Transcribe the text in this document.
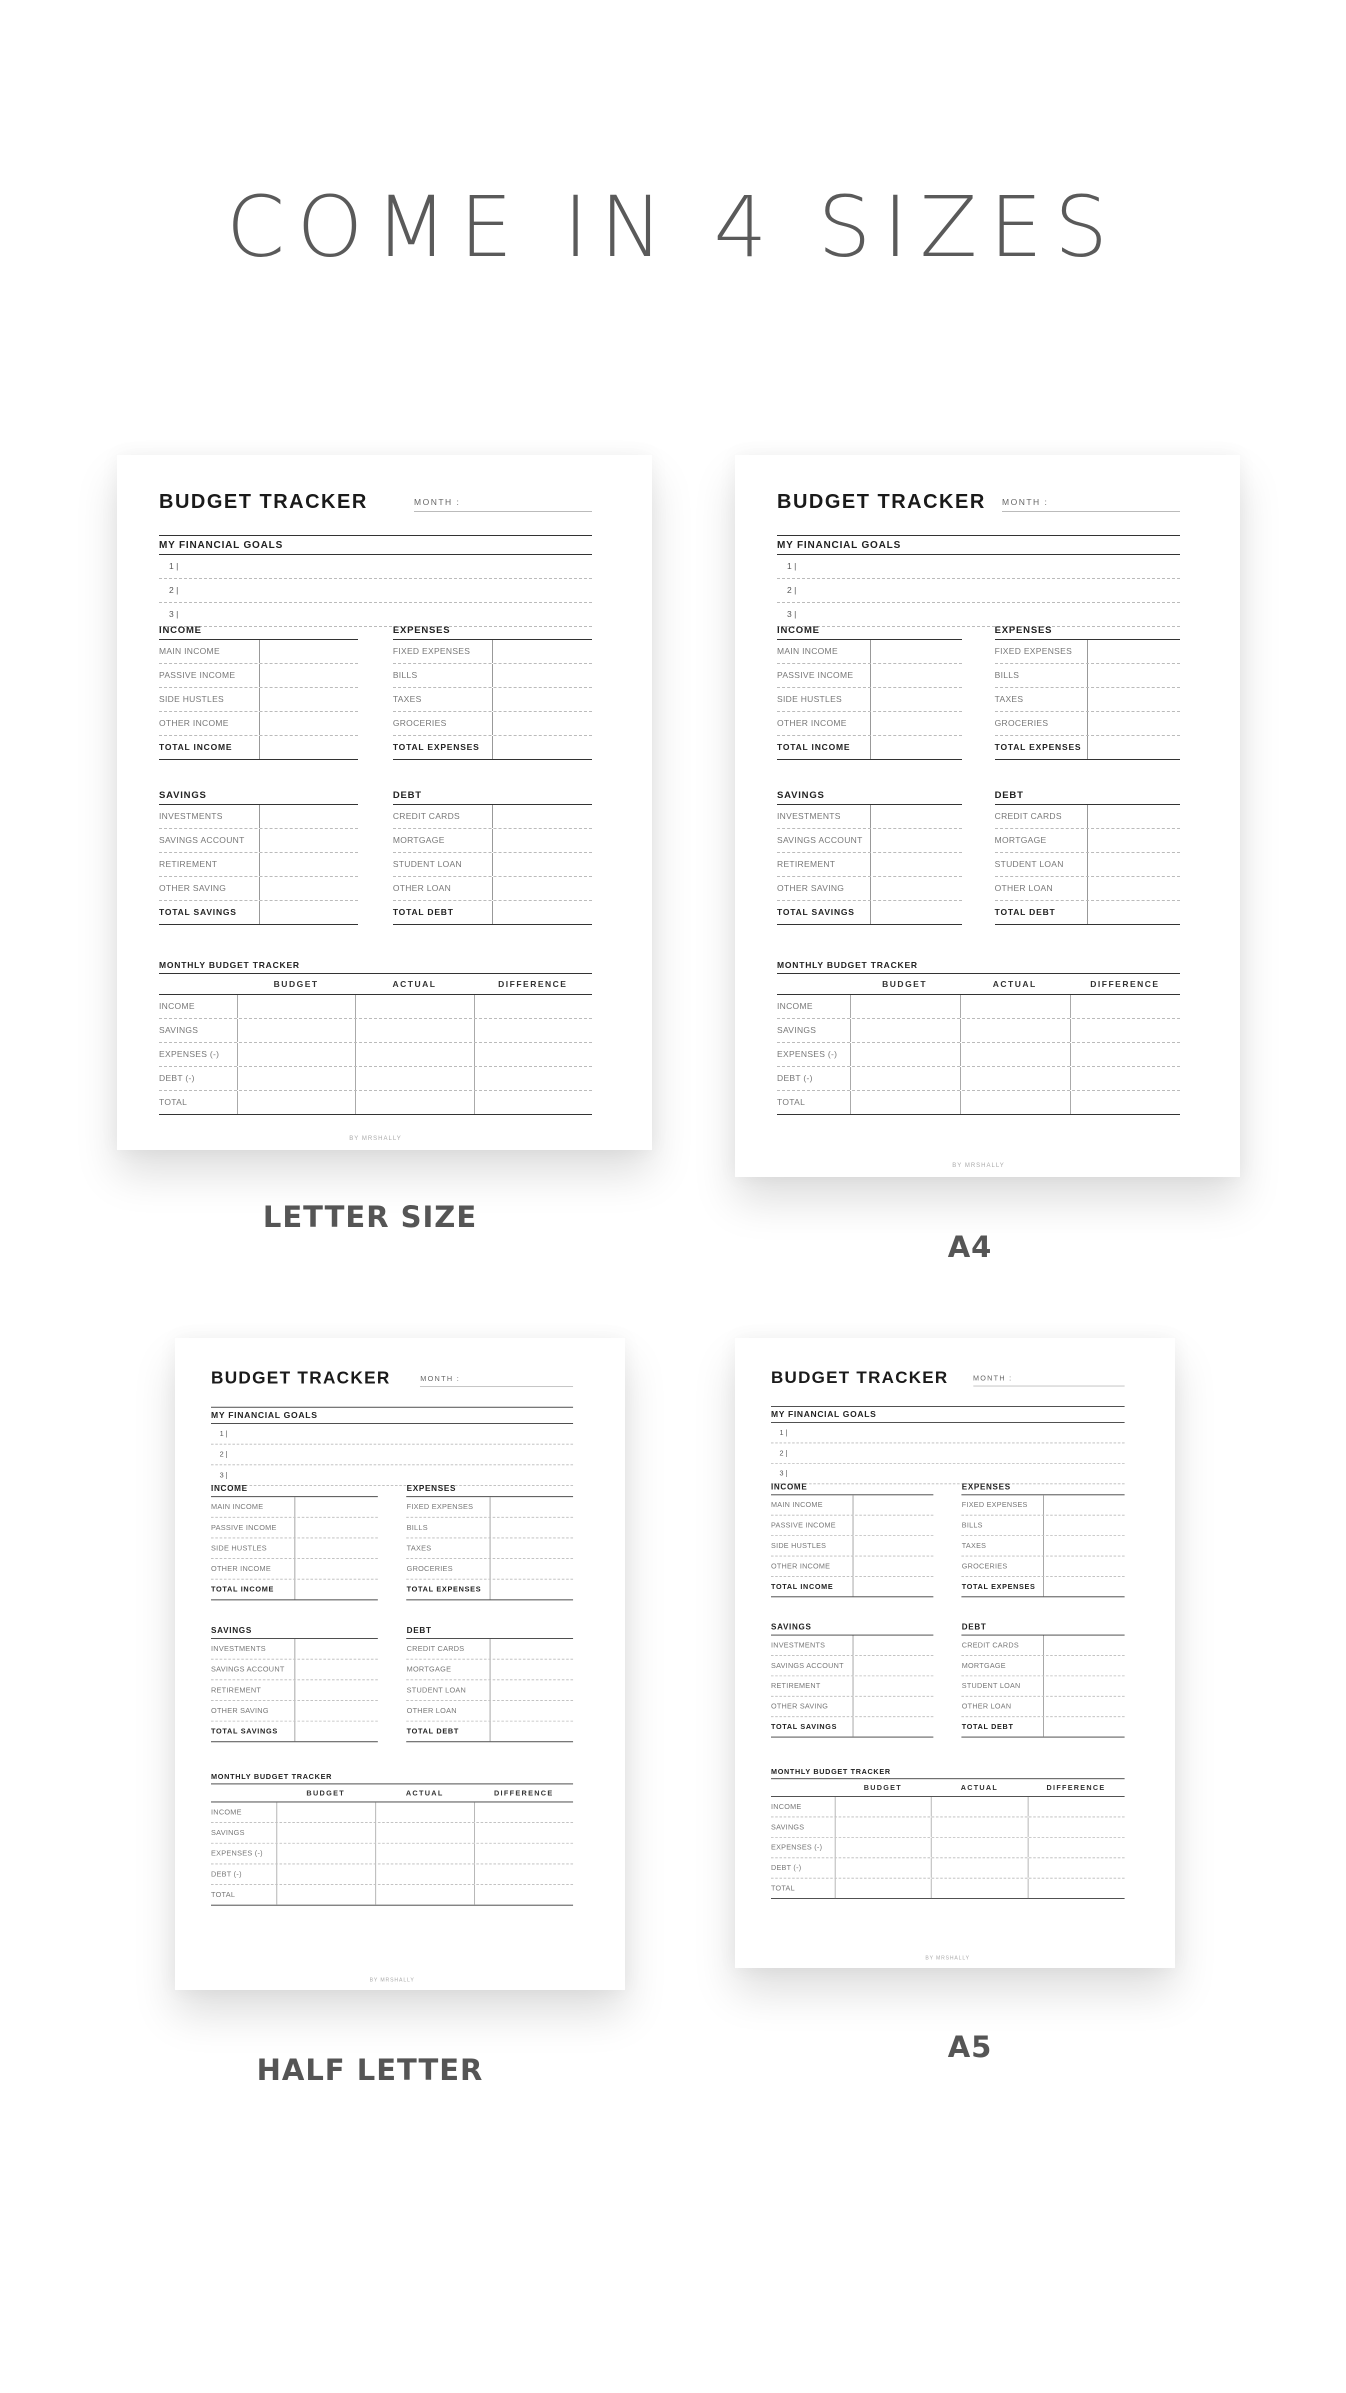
COME IN 4 SIZES
BUDGET TRACKER	MONTH :
MY FINANCIAL GOALS
1 |
2 |
3 |
INCOME
MAIN INCOME
PASSIVE INCOME
SIDE HUSTLES
OTHER INCOME
TOTAL INCOME
EXPENSES
FIXED EXPENSES
BILLS
TAXES
GROCERIES
TOTAL EXPENSES
SAVINGS
INVESTMENTS
SAVINGS ACCOUNT
RETIREMENT
OTHER SAVING
TOTAL SAVINGS
DEBT
CREDIT CARDS
MORTGAGE
STUDENT LOAN
OTHER LOAN
TOTAL DEBT
MONTHLY BUDGET TRACKER
BUDGET	ACTUAL	DIFFERENCE
INCOME
SAVINGS
EXPENSES (-)
DEBT (-)
TOTAL
BY MRSHALLY
BUDGET TRACKER MONTH :
MY FINANCIAL GOALS
1 |
2 |
3 |
INCOME
MAIN INCOME
PASSIVE INCOME
SIDE HUSTLES
OTHER INCOME
TOTAL INCOME
EXPENSES
FIXED EXPENSES
BILLS
TAXES
GROCERIES
TOTAL EXPENSES
SAVINGS
INVESTMENTS
SAVINGS ACCOUNT
RETIREMENT
OTHER SAVING
TOTAL SAVINGS
DEBT
CREDIT CARDS
MORTGAGE
STUDENT LOAN
OTHER LOAN
TOTAL DEBT
MONTHLY BUDGET TRACKER
BUDGET	ACTUAL	DIFFERENCE
INCOME
SAVINGS
EXPENSES (-)
DEBT (-)
TOTAL
BY MRSHALLY
BUDGET TRACKER	MONTH :
MY FINANCIAL GOALS
1 |
2 |
3 |
INCOME
MAIN INCOME
PASSIVE INCOME
SIDE HUSTLES
OTHER INCOME
TOTAL INCOME
EXPENSES
FIXED EXPENSES
BILLS
TAXES
GROCERIES
TOTAL EXPENSES
SAVINGS
INVESTMENTS
SAVINGS ACCOUNT
RETIREMENT
OTHER SAVING
TOTAL SAVINGS
DEBT
CREDIT CARDS
MORTGAGE
STUDENT LOAN
OTHER LOAN
TOTAL DEBT
MONTHLY BUDGET TRACKER
BUDGET	ACTUAL	DIFFERENCE
INCOME
SAVINGS
EXPENSES (-)
DEBT (-)
TOTAL
BY MRSHALLY
BUDGET TRACKER	MONTH :
MY FINANCIAL GOALS
1 |
2 |
3 |
INCOME
MAIN INCOME
PASSIVE INCOME
SIDE HUSTLES
OTHER INCOME
TOTAL INCOME
EXPENSES
FIXED EXPENSES
BILLS
TAXES
GROCERIES
TOTAL EXPENSES
SAVINGS
INVESTMENTS
SAVINGS ACCOUNT
RETIREMENT
OTHER SAVING
TOTAL SAVINGS
DEBT
CREDIT CARDS
MORTGAGE
STUDENT LOAN
OTHER LOAN
TOTAL DEBT
MONTHLY BUDGET TRACKER
BUDGET	ACTUAL	DIFFERENCE
INCOME
SAVINGS
EXPENSES (-)
DEBT (-)
TOTAL
BY MRSHALLY
LETTER SIZE
A4
HALF LETTER
A5
